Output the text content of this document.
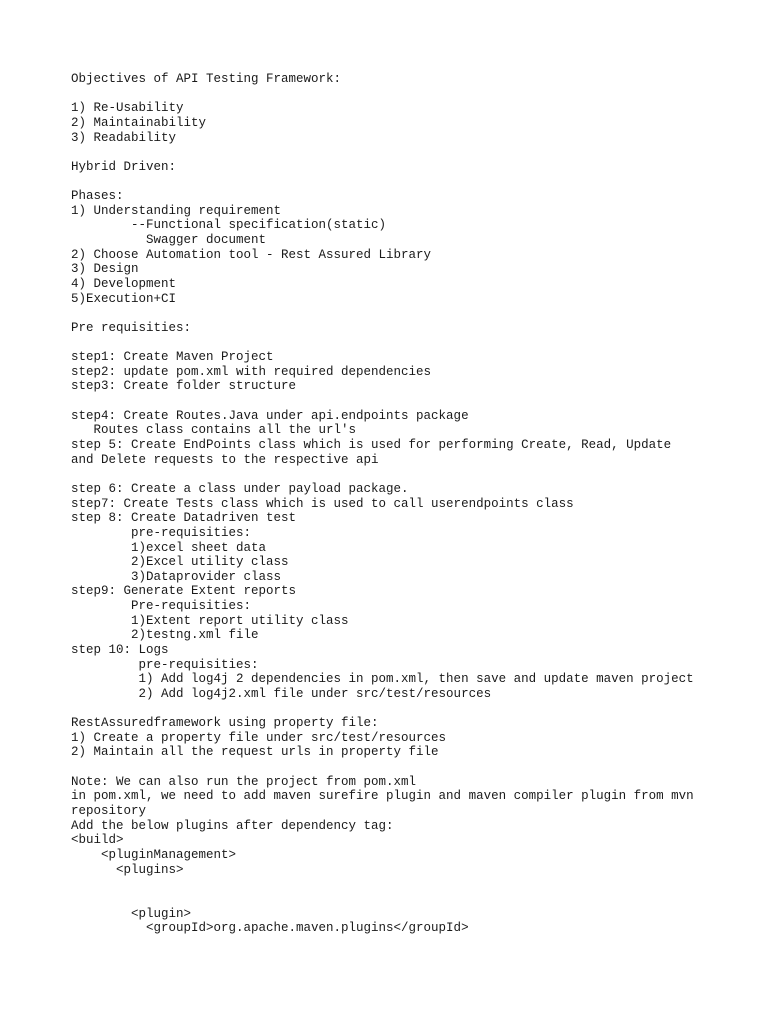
Objectives of API Testing Framework:
1) Re-Usability
2) Maintainability
3) Readability
Hybrid Driven:
Phases:
1) Understanding requirement
--Functional specification(static)
Swagger document
2) Choose Automation tool - Rest Assured Library
3) Design
4) Development
5)Execution+CI
Pre requisities:
step1: Create Maven Project
step2: update pom.xml with required dependencies
step3: Create folder structure
step4: Create Routes.Java under api.endpoints package
Routes class contains all the url's
step 5: Create EndPoints class which is used for performing Create, Read, Update
and Delete requests to the respective api
step 6: Create a class under payload package.
step7: Create Tests class which is used to call userendpoints class
step 8: Create Datadriven test
pre-requisities:
1)excel sheet data
2)Excel utility class
3)Dataprovider class
step9: Generate Extent reports
Pre-requisities:
1)Extent report utility class
2)testng.xml file
step 10: Logs
pre-requisities:
1) Add log4j 2 dependencies in pom.xml, then save and update maven project
2) Add log4j2.xml file under src/test/resources
RestAssuredframework using property file:
1) Create a property file under src/test/resources
2) Maintain all the request urls in property file
Note: We can also run the project from pom.xml
in pom.xml, we need to add maven surefire plugin and maven compiler plugin from mvn
repository
Add the below plugins after dependency tag:
<build>
<pluginManagement>
<plugins>
<plugin>
<groupId>org.apache.maven.plugins</groupId>
